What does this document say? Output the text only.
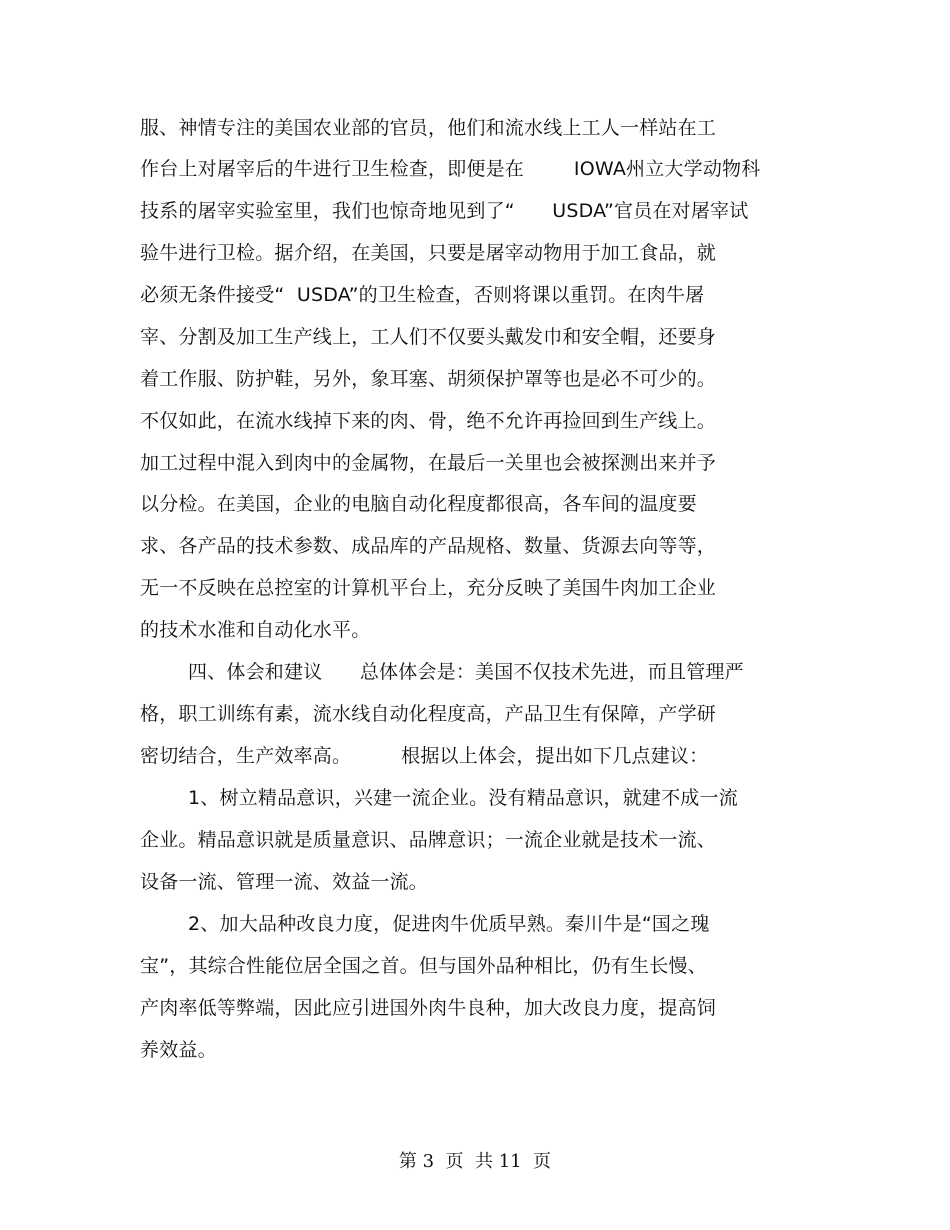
服、神情专注的美国农业部的官员，他们和流水线上工人一样站在工
作台上对屠宰后的牛进行卫生检查，即便是在        IOWA州立大学动物科
技系的屠宰实验室里，我们也惊奇地见到了“      USDA”官员在对屠宰试
验牛进行卫检。据介绍，在美国，只要是屠宰动物用于加工食品，就
必须无条件接受“  USDA”的卫生检查，否则将课以重罚。在肉牛屠
宰、分割及加工生产线上，工人们不仅要头戴发巾和安全帽，还要身
着工作服、防护鞋，另外，象耳塞、胡须保护罩等也是必不可少的。
不仅如此，在流水线掉下来的肉、骨，绝不允许再捡回到生产线上。
加工过程中混入到肉中的金属物，在最后一关里也会被探测出来并予
以分检。在美国，企业的电脑自动化程度都很高，各车间的温度要
求、各产品的技术参数、成品库的产品规格、数量、货源去向等等，
无一不反映在总控室的计算机平台上，充分反映了美国牛肉加工企业
的技术水准和自动化水平。
四、体会和建议      总体体会是：美国不仅技术先进，而且管理严
格，职工训练有素，流水线自动化程度高，产品卫生有保障，产学研
密切结合，生产效率高。        根据以上体会，提出如下几点建议：
1、树立精品意识，兴建一流企业。没有精品意识，就建不成一流
企业。精品意识就是质量意识、品牌意识；一流企业就是技术一流、
设备一流、管理一流、效益一流。
2、加大品种改良力度，促进肉牛优质早熟。秦川牛是“国之瑰
宝”，其综合性能位居全国之首。但与国外品种相比，仍有生长慢、
产肉率低等弊端，因此应引进国外肉牛良种，加大改良力度，提高饲
养效益。
第 3  页  共 11  页
